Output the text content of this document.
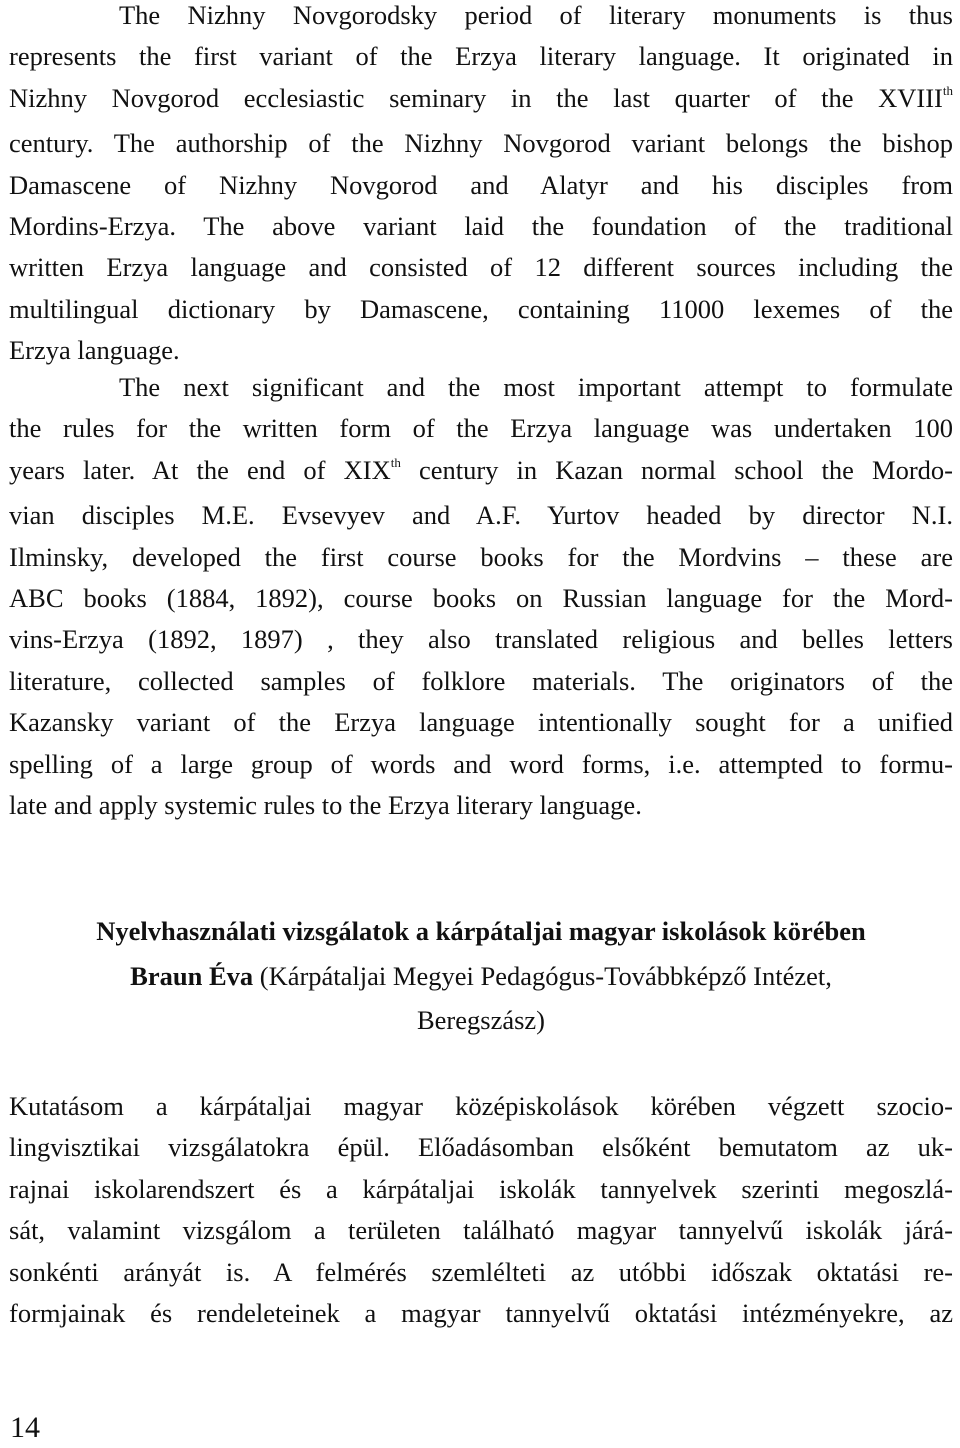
The Nizhny Novgorodsky period of literary monuments is thus
represents the first variant of the Erzya literary language. It originated in
Nizhny Novgorod ecclesiastic seminary in the last quarter of the XVIIIth
century. The authorship of the Nizhny Novgorod variant belongs the bishop
Damascene of Nizhny Novgorod and Alatyr and his disciples from
Mordins-Erzya. The above variant laid the foundation of the traditional
written Erzya language and consisted of 12 different sources including the
multilingual dictionary by Damascene, containing 11000 lexemes of the
Erzya language.

The next significant and the most important attempt to formulate
the rules for the written form of the Erzya language was undertaken 100
years later. At the end of XIXth century in Kazan normal school the Mordo-
vian disciples M.E. Evsevyev and A.F. Yurtov headed by director N.I.
Ilminsky, developed the first course books for the Mordvins – these are
ABC books (1884, 1892), course books on Russian language for the Mord-
vins-Erzya (1892, 1897) , they also translated religious and belles letters
literature, collected samples of folklore materials. The originators of the
Kazansky variant of the Erzya language intentionally sought for a unified
spelling of a large group of words and word forms, i.e. attempted to formu-
late and apply systemic rules to the Erzya literary language.

Nyelvhasználati vizsgálatok a kárpátaljai magyar iskolások körében

Braun Éva (Kárpátaljai Megyei Pedagógus-Továbbképző Intézet,
Beregszász)

Kutatásom a kárpátaljai magyar középiskolások körében végzett szocio-
lingvisztikai vizsgálatokra épül. Előadásomban elsőként bemutatom az uk-
rajnai iskolarendszert és a kárpátaljai iskolák tannyelvek szerinti megoszlá-
sát, valamint vizsgálom a területen található magyar tannyelvű iskolák járá-
sonkénti arányát is. A felmérés szemlélteti az utóbbi időszak oktatási re-
formjainak és rendeleteinek a magyar tannyelvű oktatási intézményekre, az

14
